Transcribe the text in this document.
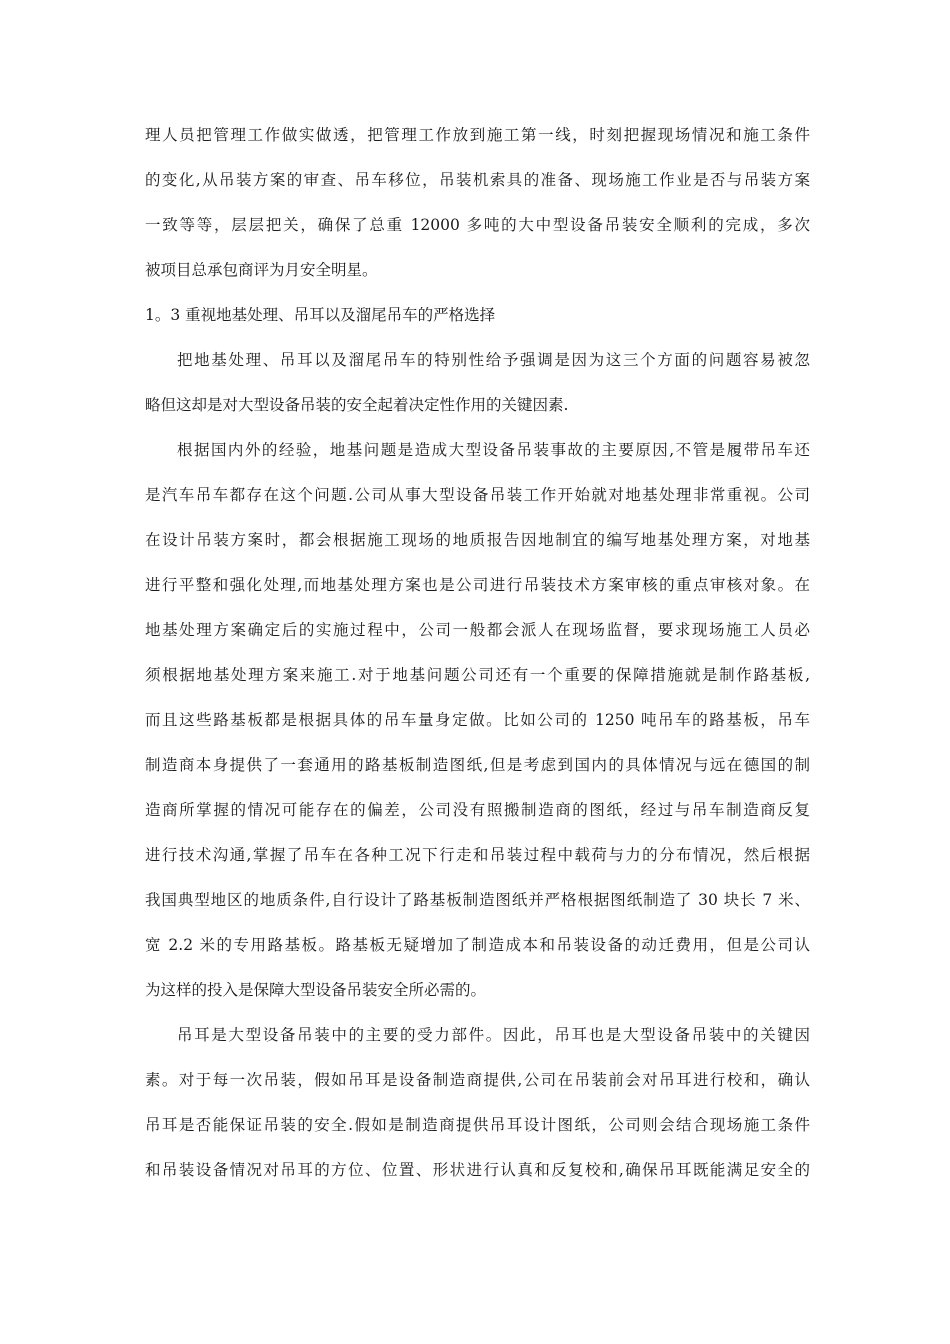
理人员把管理工作做实做透，把管理工作放到施工第一线，时刻把握现场情况和施工条件
的变化,从吊装方案的审查、吊车移位，吊装机索具的准备、现场施工作业是否与吊装方案
一致等等，层层把关，确保了总重 12000 多吨的大中型设备吊装安全顺利的完成，多次
被项目总承包商评为月安全明星。
1。3 重视地基处理、吊耳以及溜尾吊车的严格选择
把地基处理、吊耳以及溜尾吊车的特别性给予强调是因为这三个方面的问题容易被忽
略但这却是对大型设备吊装的安全起着决定性作用的关键因素.
根据国内外的经验，地基问题是造成大型设备吊装事故的主要原因,不管是履带吊车还
是汽车吊车都存在这个问题.公司从事大型设备吊装工作开始就对地基处理非常重视。公司
在设计吊装方案时，都会根据施工现场的地质报告因地制宜的编写地基处理方案，对地基
进行平整和强化处理,而地基处理方案也是公司进行吊装技术方案审核的重点审核对象。在
地基处理方案确定后的实施过程中，公司一般都会派人在现场监督，要求现场施工人员必
须根据地基处理方案来施工.对于地基问题公司还有一个重要的保障措施就是制作路基板,
而且这些路基板都是根据具体的吊车量身定做。比如公司的 1250 吨吊车的路基板，吊车
制造商本身提供了一套通用的路基板制造图纸,但是考虑到国内的具体情况与远在德国的制
造商所掌握的情况可能存在的偏差，公司没有照搬制造商的图纸，经过与吊车制造商反复
进行技术沟通,掌握了吊车在各种工况下行走和吊装过程中载荷与力的分布情况，然后根据
我国典型地区的地质条件,自行设计了路基板制造图纸并严格根据图纸制造了 30 块长 7 米、
宽 2.2 米的专用路基板。路基板无疑增加了制造成本和吊装设备的动迁费用，但是公司认
为这样的投入是保障大型设备吊装安全所必需的。
吊耳是大型设备吊装中的主要的受力部件。因此，吊耳也是大型设备吊装中的关键因
素。对于每一次吊装，假如吊耳是设备制造商提供,公司在吊装前会对吊耳进行校和，确认
吊耳是否能保证吊装的安全.假如是制造商提供吊耳设计图纸，公司则会结合现场施工条件
和吊装设备情况对吊耳的方位、位置、形状进行认真和反复校和,确保吊耳既能满足安全的
